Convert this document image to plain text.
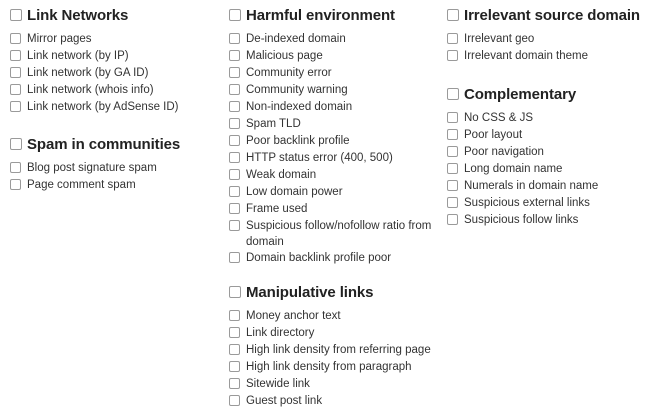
Link Networks
Mirror pages
Link network (by IP)
Link network (by GA ID)
Link network (whois info)
Link network (by AdSense ID)
Spam in communities
Blog post signature spam
Page comment spam
Harmful environment
De-indexed domain
Malicious page
Community error
Community warning
Non-indexed domain
Spam TLD
Poor backlink profile
HTTP status error (400, 500)
Weak domain
Low domain power
Frame used
Suspicious follow/nofollow ratio from domain
Domain backlink profile poor
Manipulative links
Money anchor text
Link directory
High link density from referring page
High link density from paragraph
Sitewide link
Guest post link
Irrelevant source domain
Irrelevant geo
Irrelevant domain theme
Complementary
No CSS & JS
Poor layout
Poor navigation
Long domain name
Numerals in domain name
Suspicious external links
Suspicious follow links
